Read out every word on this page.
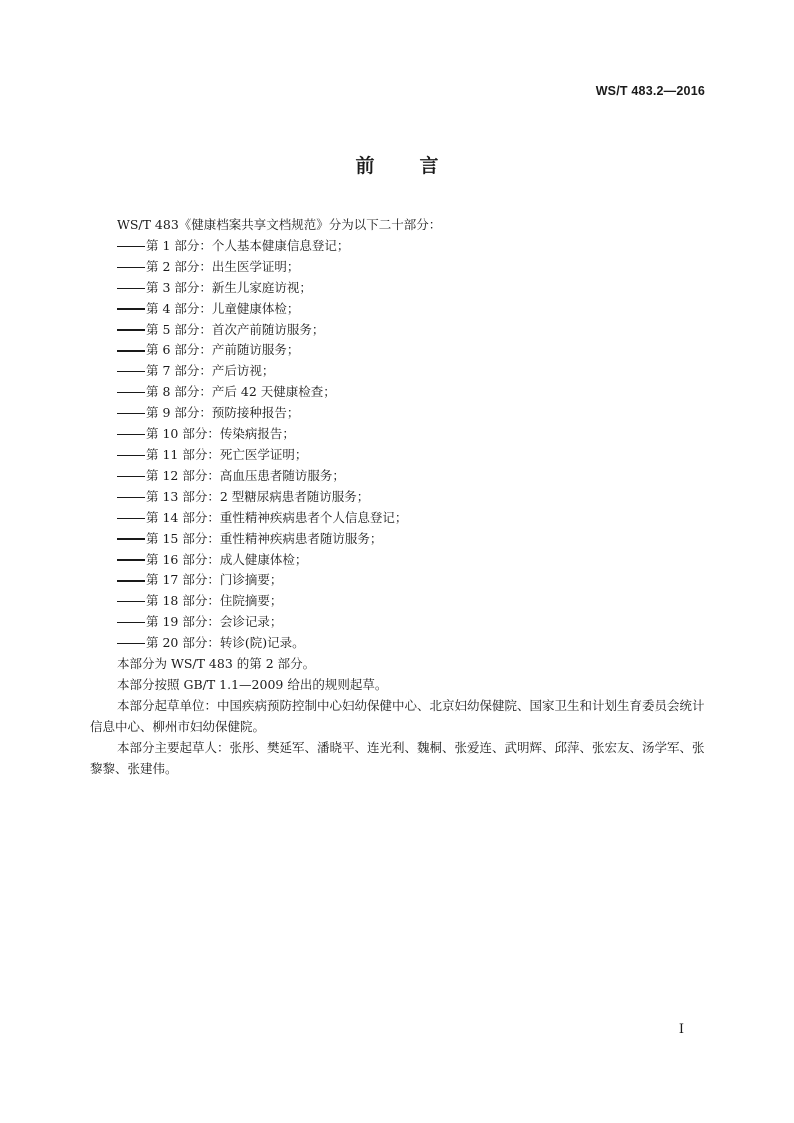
WS/T 483.2—2016
前言

WS/T 483《健康档案共享文档规范》分为以下二十部分：

第 1 部分：个人基本健康信息登记；

第 2 部分：出生医学证明；

第 3 部分：新生儿家庭访视；

第 4 部分：儿童健康体检；

第 5 部分：首次产前随访服务；

第 6 部分：产前随访服务；

第 7 部分：产后访视；

第 8 部分：产后 42 天健康检查；

第 9 部分：预防接种报告；

第 10 部分：传染病报告；

第 11 部分：死亡医学证明；

第 12 部分：高血压患者随访服务；

第 13 部分：2 型糖尿病患者随访服务；

第 14 部分：重性精神疾病患者个人信息登记；

第 15 部分：重性精神疾病患者随访服务；

第 16 部分：成人健康体检；

第 17 部分：门诊摘要；

第 18 部分：住院摘要；

第 19 部分：会诊记录；

第 20 部分：转诊(院)记录。

本部分为 WS/T 483 的第 2 部分。

本部分按照 GB/T 1.1—2009 给出的规则起草。

本部分起草单位：中国疾病预防控制中心妇幼保健中心、北京妇幼保健院、国家卫生和计划生育委员会统计信息中心、柳州市妇幼保健院。

本部分主要起草人：张彤、樊延军、潘晓平、连光利、魏桐、张爱连、武明辉、邱萍、张宏友、汤学军、张黎黎、张建伟。

I
